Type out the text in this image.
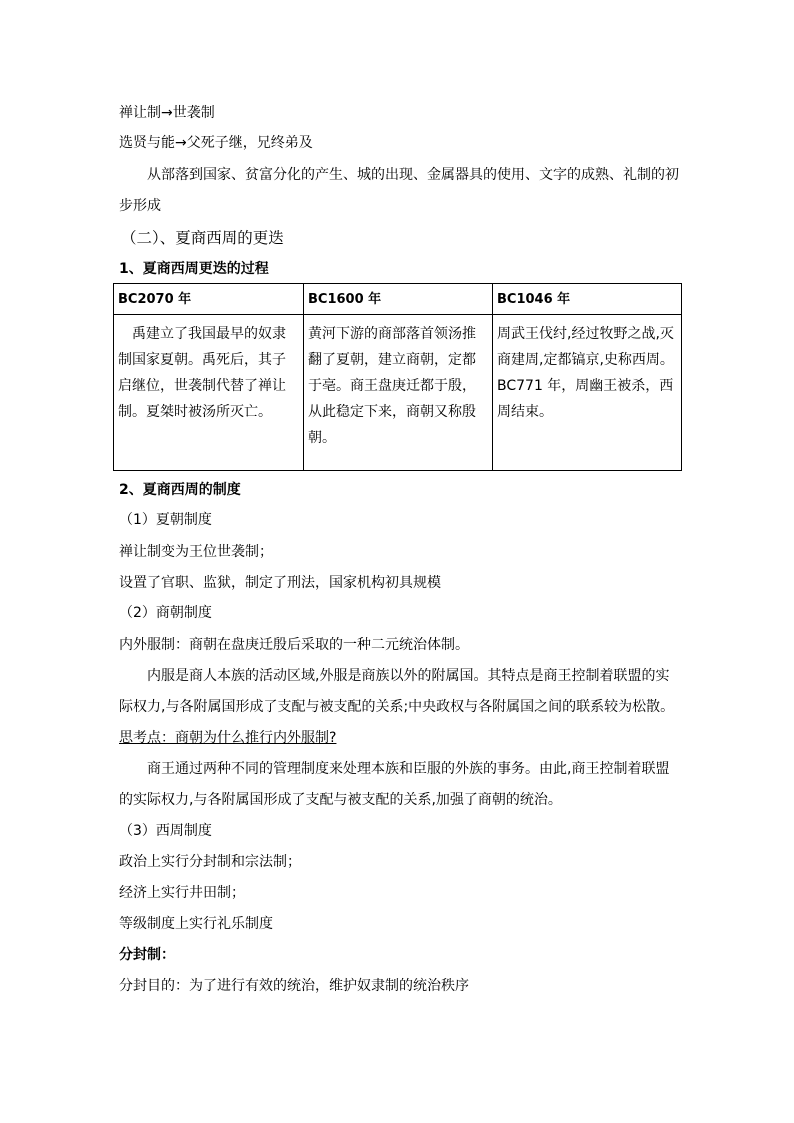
禅让制→世袭制
选贤与能→父死子继，兄终弟及
从部落到国家、贫富分化的产生、城的出现、金属器具的使用、文字的成熟、礼制的初
步形成
（二）、夏商西周的更迭
1、夏商西周更迭的过程
BC2070 年	BC1600 年	BC1046 年

禹建立了我国最早的奴隶制国家夏朝。禹死后，其子启继位，世袭制代替了禅让制。夏桀时被汤所灭亡。	黄河下游的商部落首领汤推翻了夏朝，建立商朝，定都于亳。商王盘庚迁都于殷，从此稳定下来，商朝又称殷朝。	周武王伐纣,经过牧野之战,灭商建周,定都镐京,史称西周。BC771 年，周幽王被杀，西周结束。
2、夏商西周的制度
（1）夏朝制度
禅让制变为王位世袭制；
设置了官职、监狱，制定了刑法，国家机构初具规模
（2）商朝制度
内外服制：商朝在盘庚迁殷后采取的一种二元统治体制。
内服是商人本族的活动区域,外服是商族以外的附属国。其特点是商王控制着联盟的实
际权力,与各附属国形成了支配与被支配的关系;中央政权与各附属国之间的联系较为松散。
思考点：商朝为什么推行内外服制?
商王通过两种不同的管理制度来处理本族和臣服的外族的事务。由此,商王控制着联盟
的实际权力,与各附属国形成了支配与被支配的关系,加强了商朝的统治。
（3）西周制度
政治上实行分封制和宗法制；
经济上实行井田制；
等级制度上实行礼乐制度
分封制：
分封目的：为了进行有效的统治，维护奴隶制的统治秩序
